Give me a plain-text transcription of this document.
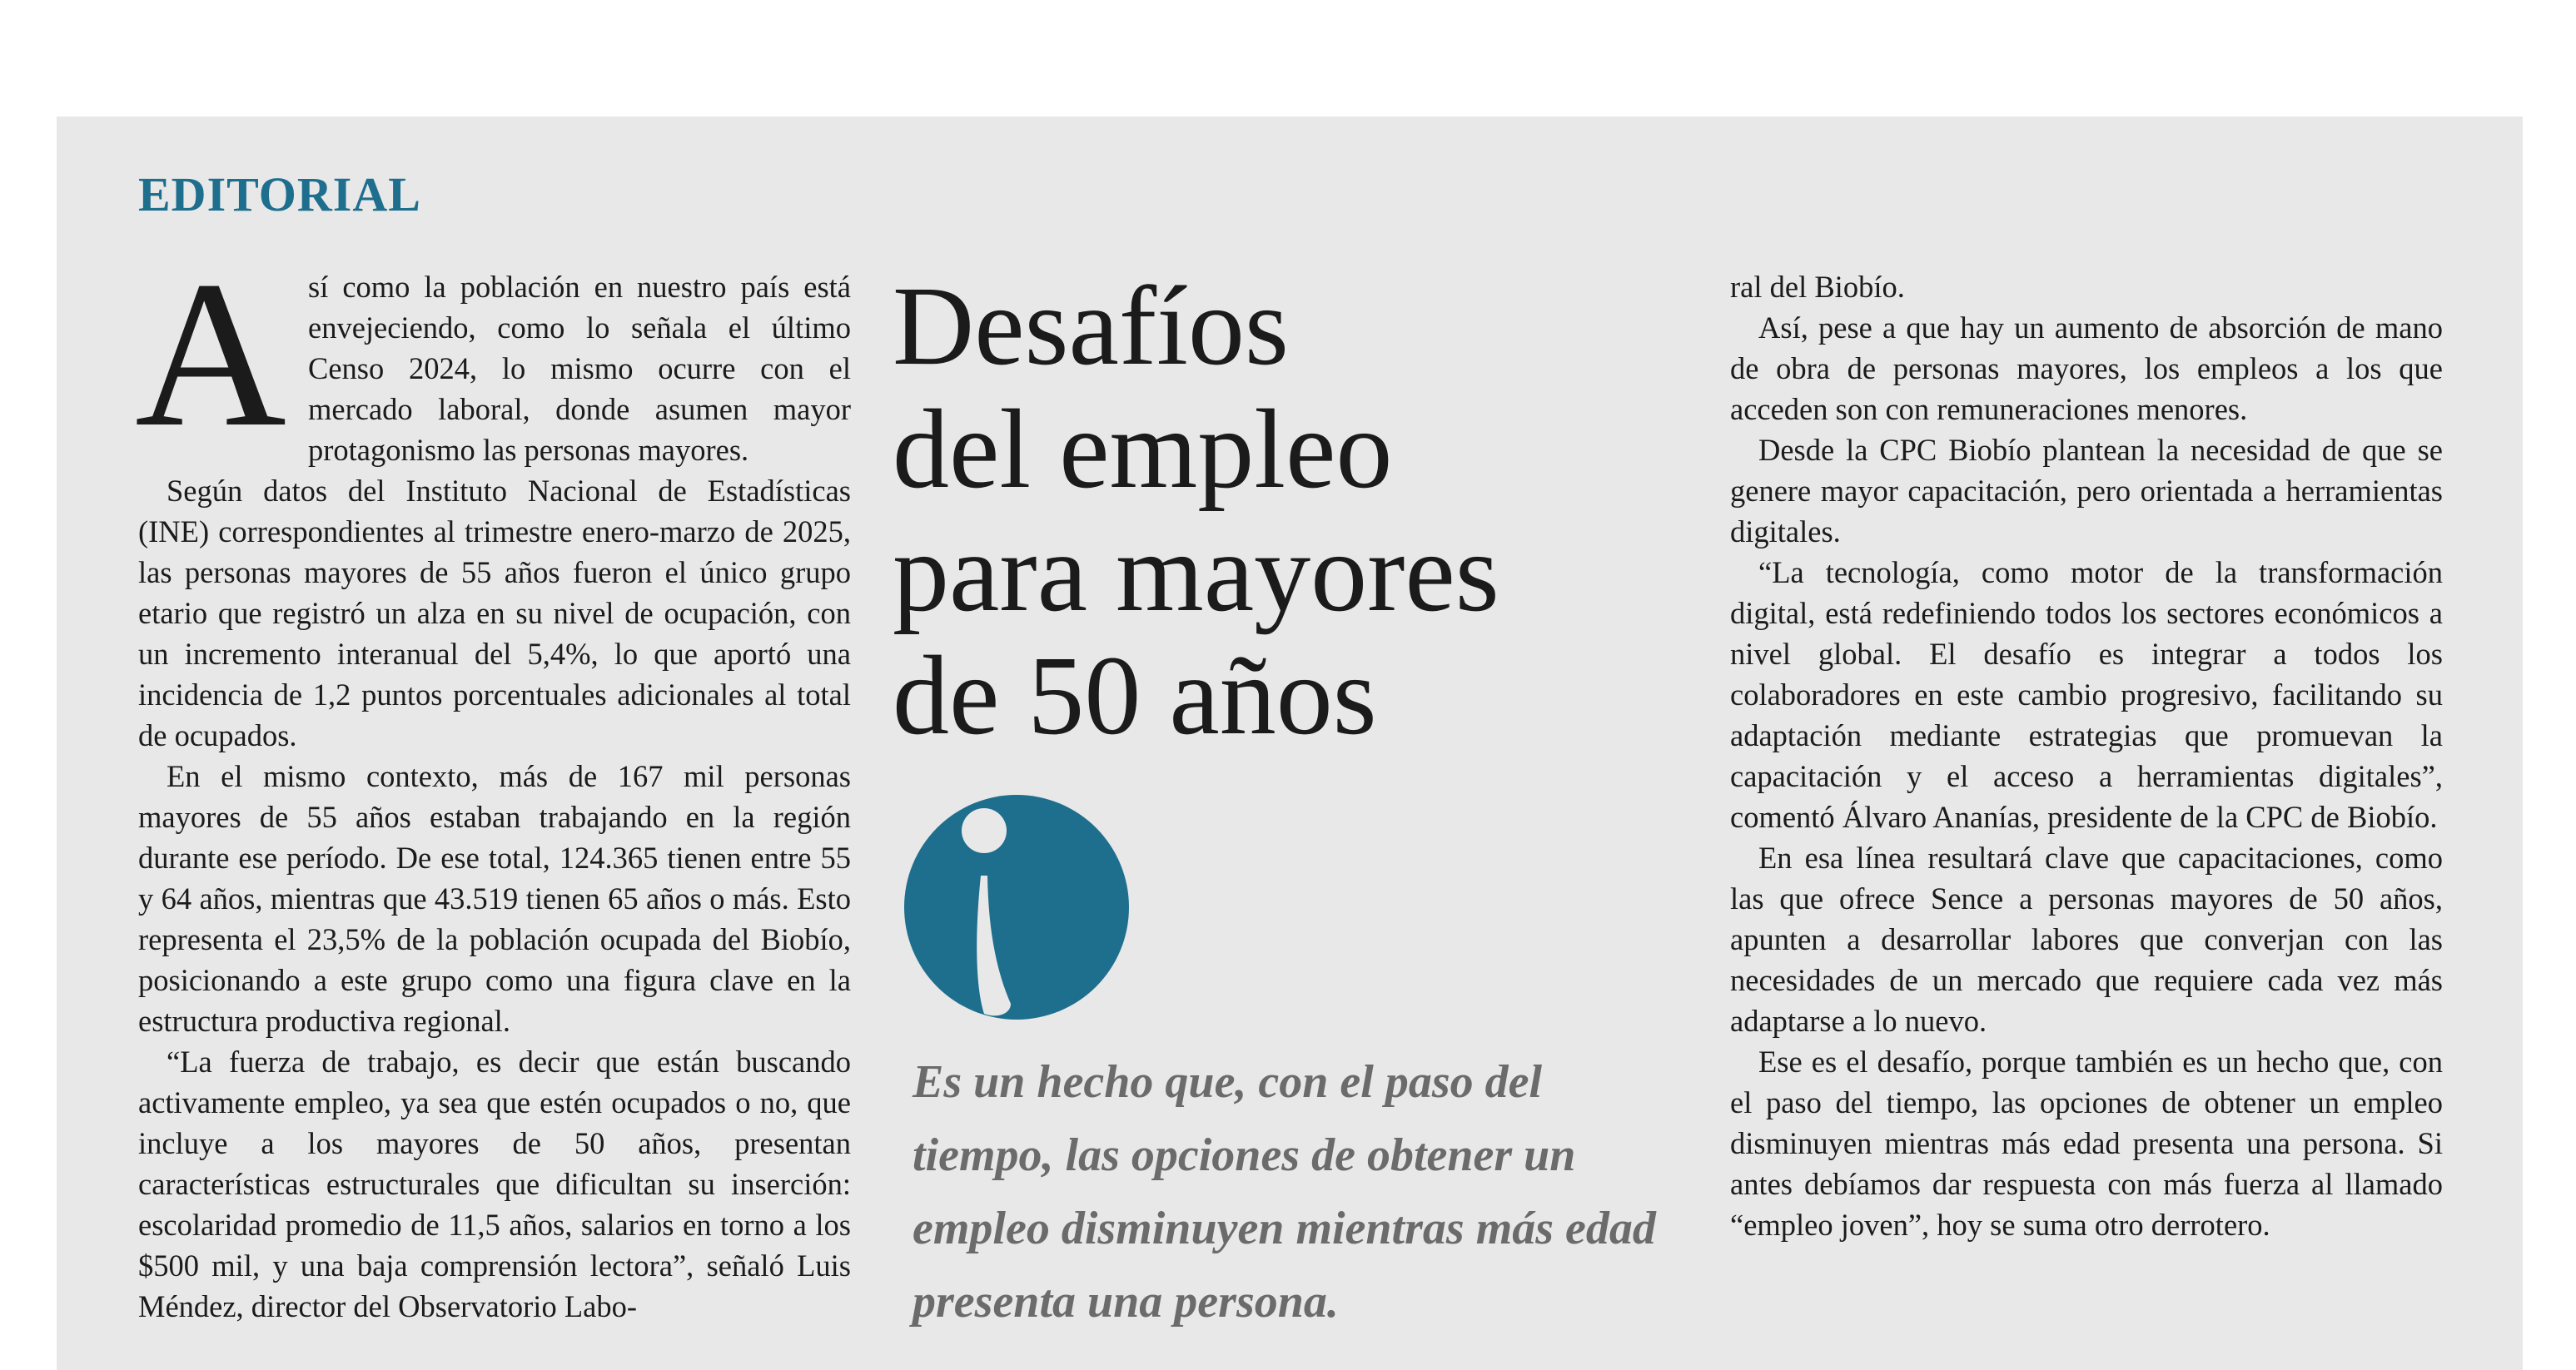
EDITORIAL
A sí como la población en nuestro país está envejeciendo, como lo señala el último Censo 2024, lo mismo ocurre con el mercado laboral, donde asumen mayor protagonismo las personas mayores.

Según datos del Instituto Nacional de Estadísticas (INE) correspondientes al trimestre enero-marzo de 2025, las personas mayores de 55 años fueron el único grupo etario que registró un alza en su nivel de ocupación, con un incremento interanual del 5,4%, lo que aportó una incidencia de 1,2 puntos porcentuales adicionales al total de ocupados.

En el mismo contexto, más de 167 mil personas mayores de 55 años estaban trabajando en la región durante ese período. De ese total, 124.365 tienen entre 55 y 64 años, mientras que 43.519 tienen 65 años o más. Esto representa el 23,5% de la población ocupada del Biobío, posicionando a este grupo como una figura clave en la estructura productiva regional.

“La fuerza de trabajo, es decir que están buscando activamente empleo, ya sea que estén ocupados o no, que incluye a los mayores de 50 años, presentan características estructurales que dificultan su inserción: escolaridad promedio de 11,5 años, salarios en torno a los $500 mil, y una baja comprensión lectora”, señaló Luis Méndez, director del Observatorio Labo-

Desafíos
del empleo
para mayores
de 50 años

Es un hecho que, con el paso del tiempo, las opciones de obtener un empleo disminuyen mientras más edad presenta una persona.

ral del Biobío.

Así, pese a que hay un aumento de absorción de mano de obra de personas mayores, los empleos a los que acceden son con remuneraciones menores.

Desde la CPC Biobío plantean la necesidad de que se genere mayor capacitación, pero orientada a herramientas digitales.

“La tecnología, como motor de la transformación digital, está redefiniendo todos los sectores económicos a nivel global. El desafío es integrar a todos los colaboradores en este cambio progresivo, facilitando su adaptación mediante estrategias que promuevan la capacitación y el acceso a herramientas digitales”, comentó Álvaro Ananías, presidente de la CPC de Biobío.

En esa línea resultará clave que capacitaciones, como las que ofrece Sence a personas mayores de 50 años, apunten a desarrollar labores que converjan con las necesidades de un mercado que requiere cada vez más adaptarse a lo nuevo.

Ese es el desafío, porque también es un hecho que, con el paso del tiempo, las opciones de obtener un empleo disminuyen mientras más edad presenta una persona. Si antes debíamos dar respuesta con más fuerza al llamado “empleo joven”, hoy se suma otro derrotero.
